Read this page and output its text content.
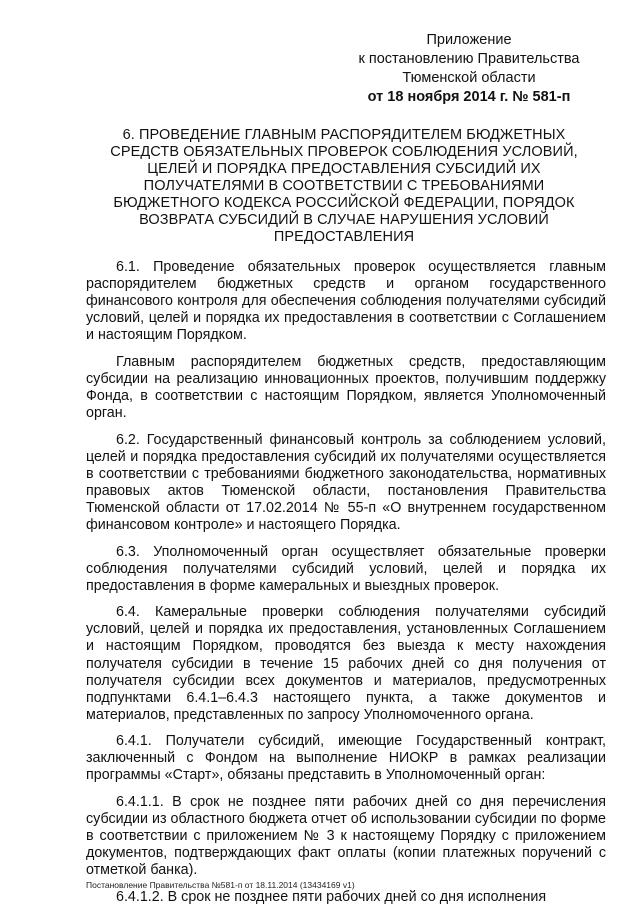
Приложение
к постановлению Правительства
Тюменской области
от 18 ноября 2014 г. № 581-п
6. ПРОВЕДЕНИЕ ГЛАВНЫМ РАСПОРЯДИТЕЛЕМ БЮДЖЕТНЫХ СРЕДСТВ ОБЯЗАТЕЛЬНЫХ ПРОВЕРОК СОБЛЮДЕНИЯ УСЛОВИЙ, ЦЕЛЕЙ И ПОРЯДКА ПРЕДОСТАВЛЕНИЯ СУБСИДИЙ ИХ ПОЛУЧАТЕЛЯМИ В СООТВЕТСТВИИ С ТРЕБОВАНИЯМИ БЮДЖЕТНОГО КОДЕКСА РОССИЙСКОЙ ФЕДЕРАЦИИ, ПОРЯДОК ВОЗВРАТА СУБСИДИЙ В СЛУЧАЕ НАРУШЕНИЯ УСЛОВИЙ ПРЕДОСТАВЛЕНИЯ

6.1. Проведение обязательных проверок осуществляется главным распорядителем бюджетных средств и органом государственного финансового контроля для обеспечения соблюдения получателями субсидий условий, целей и порядка их предоставления в соответствии с Соглашением и настоящим Порядком.

Главным распорядителем бюджетных средств, предоставляющим субсидии на реализацию инновационных проектов, получившим поддержку Фонда, в соответствии с настоящим Порядком, является Уполномоченный орган.

6.2. Государственный финансовый контроль за соблюдением условий, целей и порядка предоставления субсидий их получателями осуществляется в соответствии с требованиями бюджетного законодательства, нормативных правовых актов Тюменской области, постановления Правительства Тюменской области от 17.02.2014 № 55-п «О внутреннем государственном финансовом контроле» и настоящего Порядка.

6.3. Уполномоченный орган осуществляет обязательные проверки соблюдения получателями субсидий условий, целей и порядка их предоставления в форме камеральных и выездных проверок.

6.4. Камеральные проверки соблюдения получателями субсидий условий, целей и порядка их предоставления, установленных Соглашением и настоящим Порядком, проводятся без выезда к месту нахождения получателя субсидии в течение 15 рабочих дней со дня получения от получателя субсидии всех документов и материалов, предусмотренных подпунктами 6.4.1–6.4.3 настоящего пункта, а также документов и материалов, представленных по запросу Уполномоченного органа.

6.4.1. Получатели субсидий, имеющие Государственный контракт, заключенный с Фондом на выполнение НИОКР в рамках реализации программы «Старт», обязаны представить в Уполномоченный орган:

6.4.1.1. В срок не позднее пяти рабочих дней со дня перечисления субсидии из областного бюджета отчет об использовании субсидии по форме в соответствии с приложением № 3 к настоящему Порядку с приложением документов, подтверждающих факт оплаты (копии платежных поручений с отметкой банка).

6.4.1.2. В срок не позднее пяти рабочих дней со дня исполнения

Постановление Правительства №581-п от 18.11.2014 (13434169 v1)
